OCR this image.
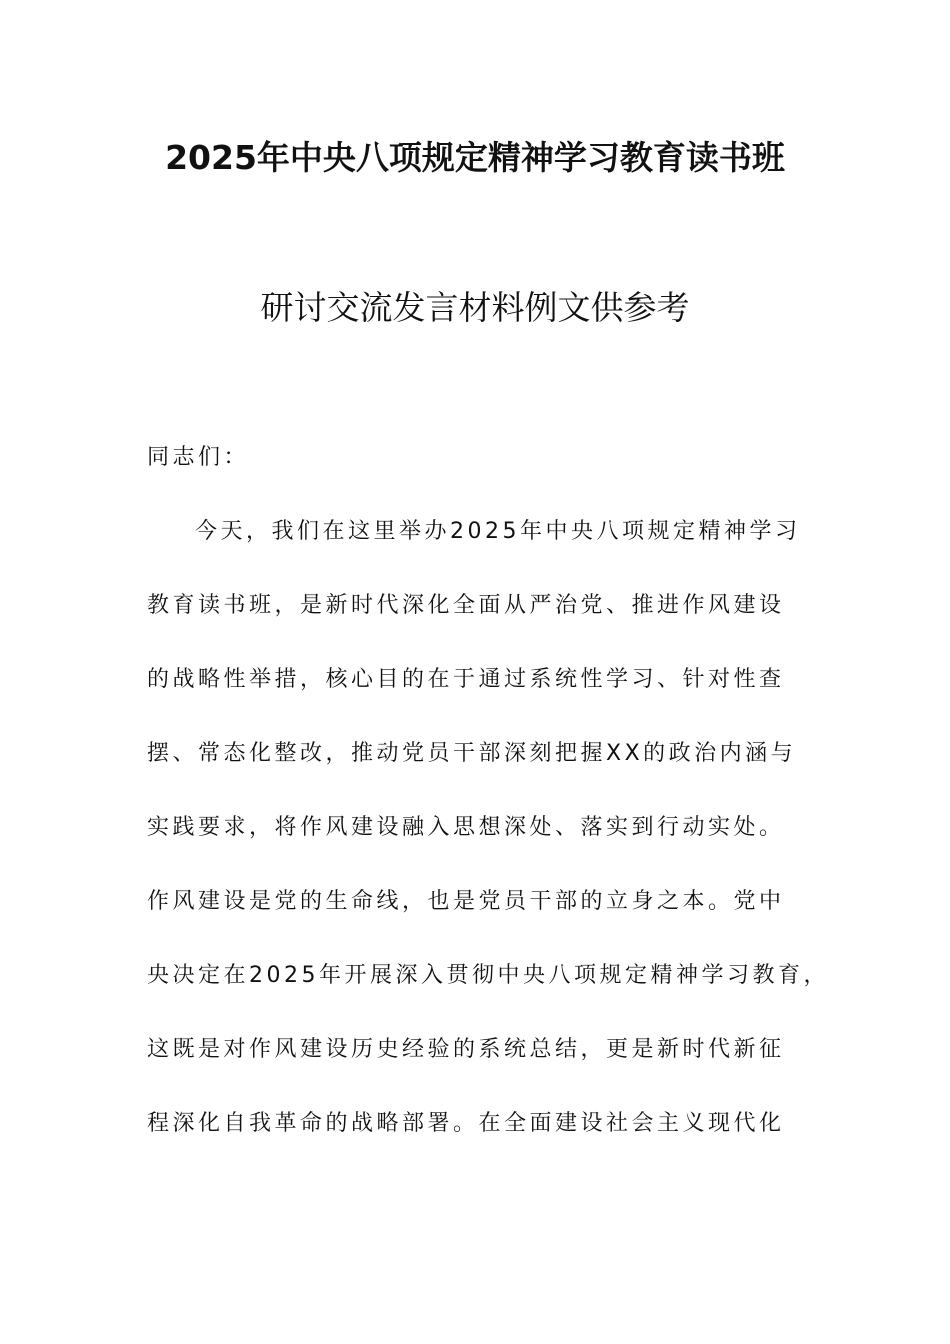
2025年中央八项规定精神学习教育读书班
研讨交流发言材料例文供参考
同志们：
今天，我们在这里举办2025年中央八项规定精神学习
教育读书班，是新时代深化全面从严治党、推进作风建设
的战略性举措，核心目的在于通过系统性学习、针对性查
摆、常态化整改，推动党员干部深刻把握XX的政治内涵与
实践要求，将作风建设融入思想深处、落实到行动实处。
作风建设是党的生命线，也是党员干部的立身之本。党中
央决定在2025年开展深入贯彻中央八项规定精神学习教育，
这既是对作风建设历史经验的系统总结，更是新时代新征
程深化自我革命的战略部署。在全面建设社会主义现代化
